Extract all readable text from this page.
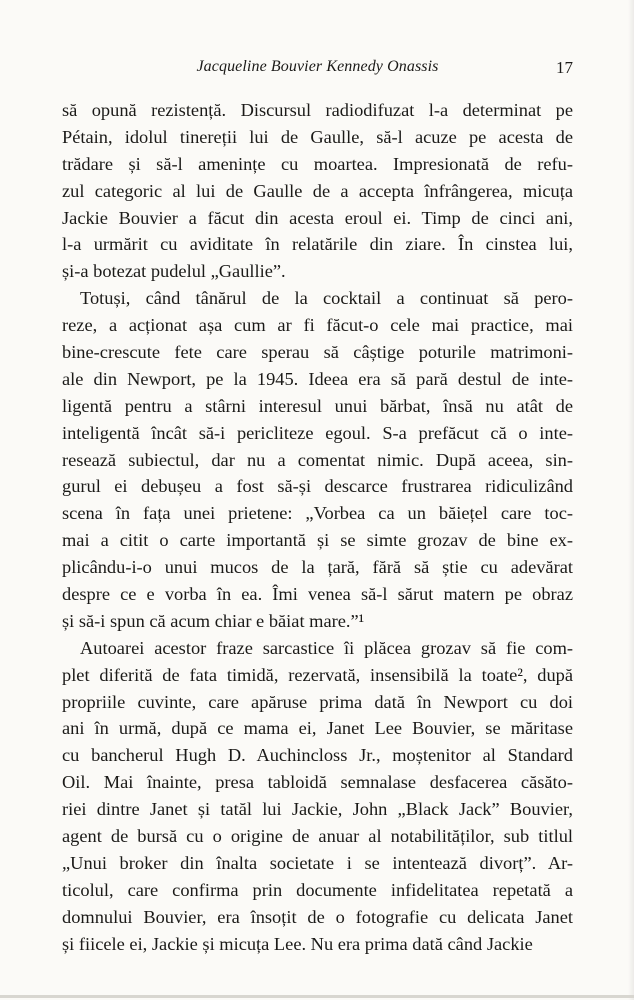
Jacqueline Bouvier Kennedy Onassis	17
să opună rezistență. Discursul radiodifuzat l-a determinat pe
Pétain, idolul tinereții lui de Gaulle, să-l acuze pe acesta de
trădare și să-l amenințe cu moartea. Impresionată de refu-
zul categoric al lui de Gaulle de a accepta înfrângerea, micuța
Jackie Bouvier a făcut din acesta eroul ei. Timp de cinci ani,
l-a urmărit cu aviditate în relatările din ziare. În cinstea lui,
și-a botezat pudelul „Gaullie”.
Totuși, când tânărul de la cocktail a continuat să pero-
reze, a acționat așa cum ar fi făcut-o cele mai practice, mai
bine-crescute fete care sperau să câștige poturile matrimoni-
ale din Newport, pe la 1945. Ideea era să pară destul de inte-
ligentă pentru a stârni interesul unui bărbat, însă nu atât de
inteligentă încât să-i periclitezе egoul. S-a prefăcut că o inte-
resează subiectul, dar nu a comentat nimic. După aceea, sin-
gurul ei debușeu a fost să-și descarce frustrarea ridiculizând
scena în fața unei prietene: „Vorbea ca un băiețel care toc-
mai a citit o carte importantă și se simte grozav de bine ex-
plicându-i-o unui mucos de la țară, fără să știe cu adevărat
despre ce e vorba în ea. Îmi venea să-l sărut matern pe obraz
și să-i spun că acum chiar e băiat mare.”¹
Autoarei acestor fraze sarcastice îi plăcea grozav să fie com-
plet diferită de fata timidă, rezervată, insensibilă la toate², după
propriile cuvinte, care apăruse prima dată în Newport cu doi
ani în urmă, după ce mama ei, Janet Lee Bouvier, se măritase
cu bancherul Hugh D. Auchincloss Jr., moștenitor al Standard
Oil. Mai înainte, presa tabloidă semnalase desfacerea căsăto-
riei dintre Janet și tatăl lui Jackie, John „Black Jack” Bouvier,
agent de bursă cu o origine de anuar al notabilităților, sub titlul
„Unui broker din înalta societate i se intentează divorț”. Ar-
ticolul, care confirma prin documente infidelitatea repetată a
domnului Bouvier, era însoțit de o fotografie cu delicata Janet
și fiicele ei, Jackie și micuța Lee. Nu era prima dată când Jackie
